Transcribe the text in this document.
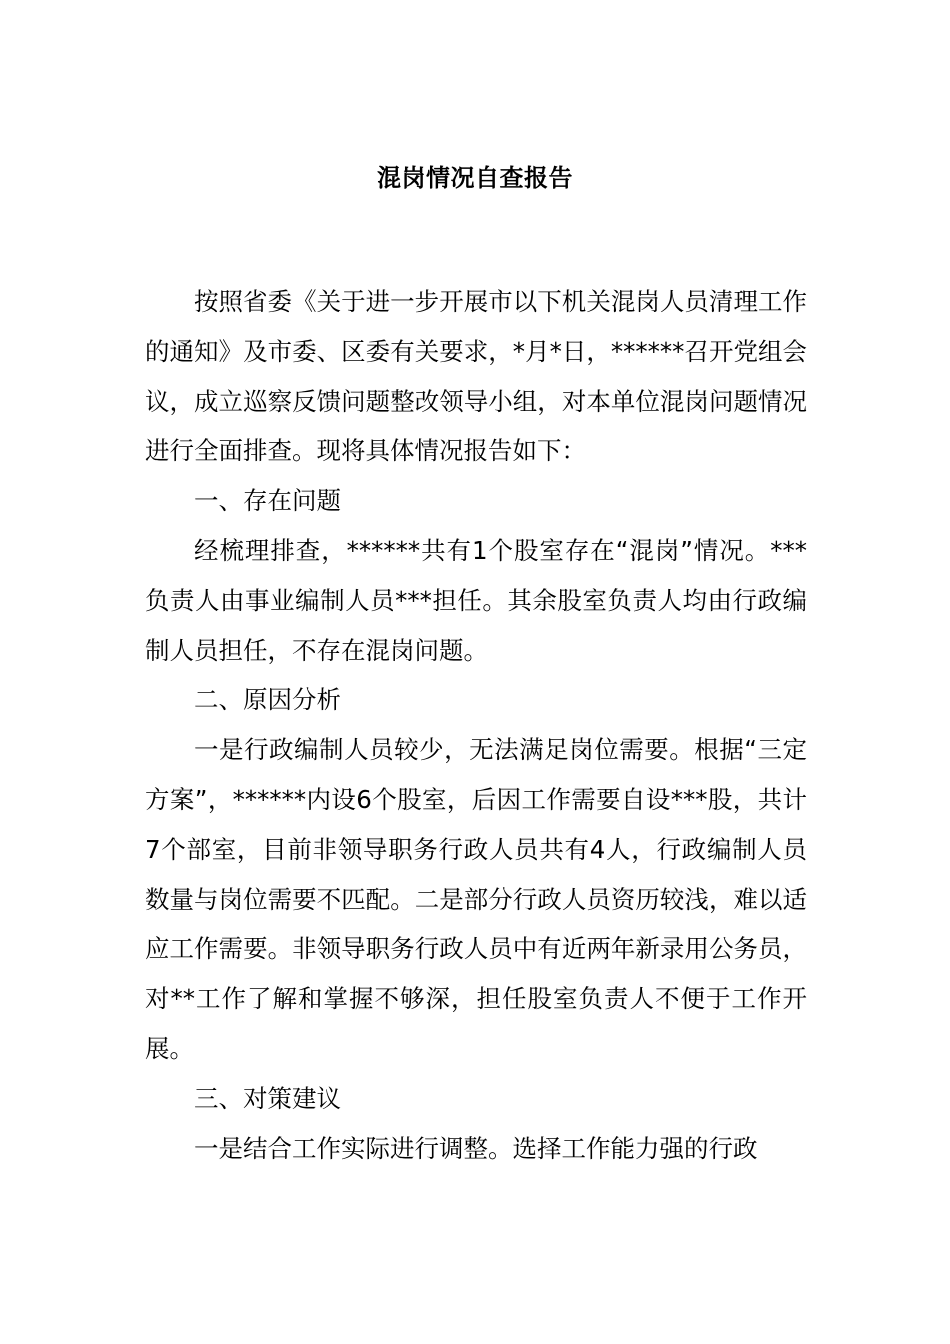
混岗情况自查报告

按照省委《关于进一步开展市以下机关混岗人员清理工作的通知》及市委、区委有关要求，*月*日，******召开党组会议，成立巡察反馈问题整改领导小组，对本单位混岗问题情况进行全面排查。现将具体情况报告如下：

一、存在问题

经梳理排查，******共有1个股室存在“混岗”情况。***负责人由事业编制人员***担任。其余股室负责人均由行政编制人员担任，不存在混岗问题。

二、原因分析

一是行政编制人员较少，无法满足岗位需要。根据“三定方案”，******内设6个股室，后因工作需要自设***股，共计7个部室，目前非领导职务行政人员共有4人，行政编制人员数量与岗位需要不匹配。二是部分行政人员资历较浅，难以适应工作需要。非领导职务行政人员中有近两年新录用公务员，对**工作了解和掌握不够深，担任股室负责人不便于工作开展。

三、对策建议

一是结合工作实际进行调整。选择工作能力强的行政
